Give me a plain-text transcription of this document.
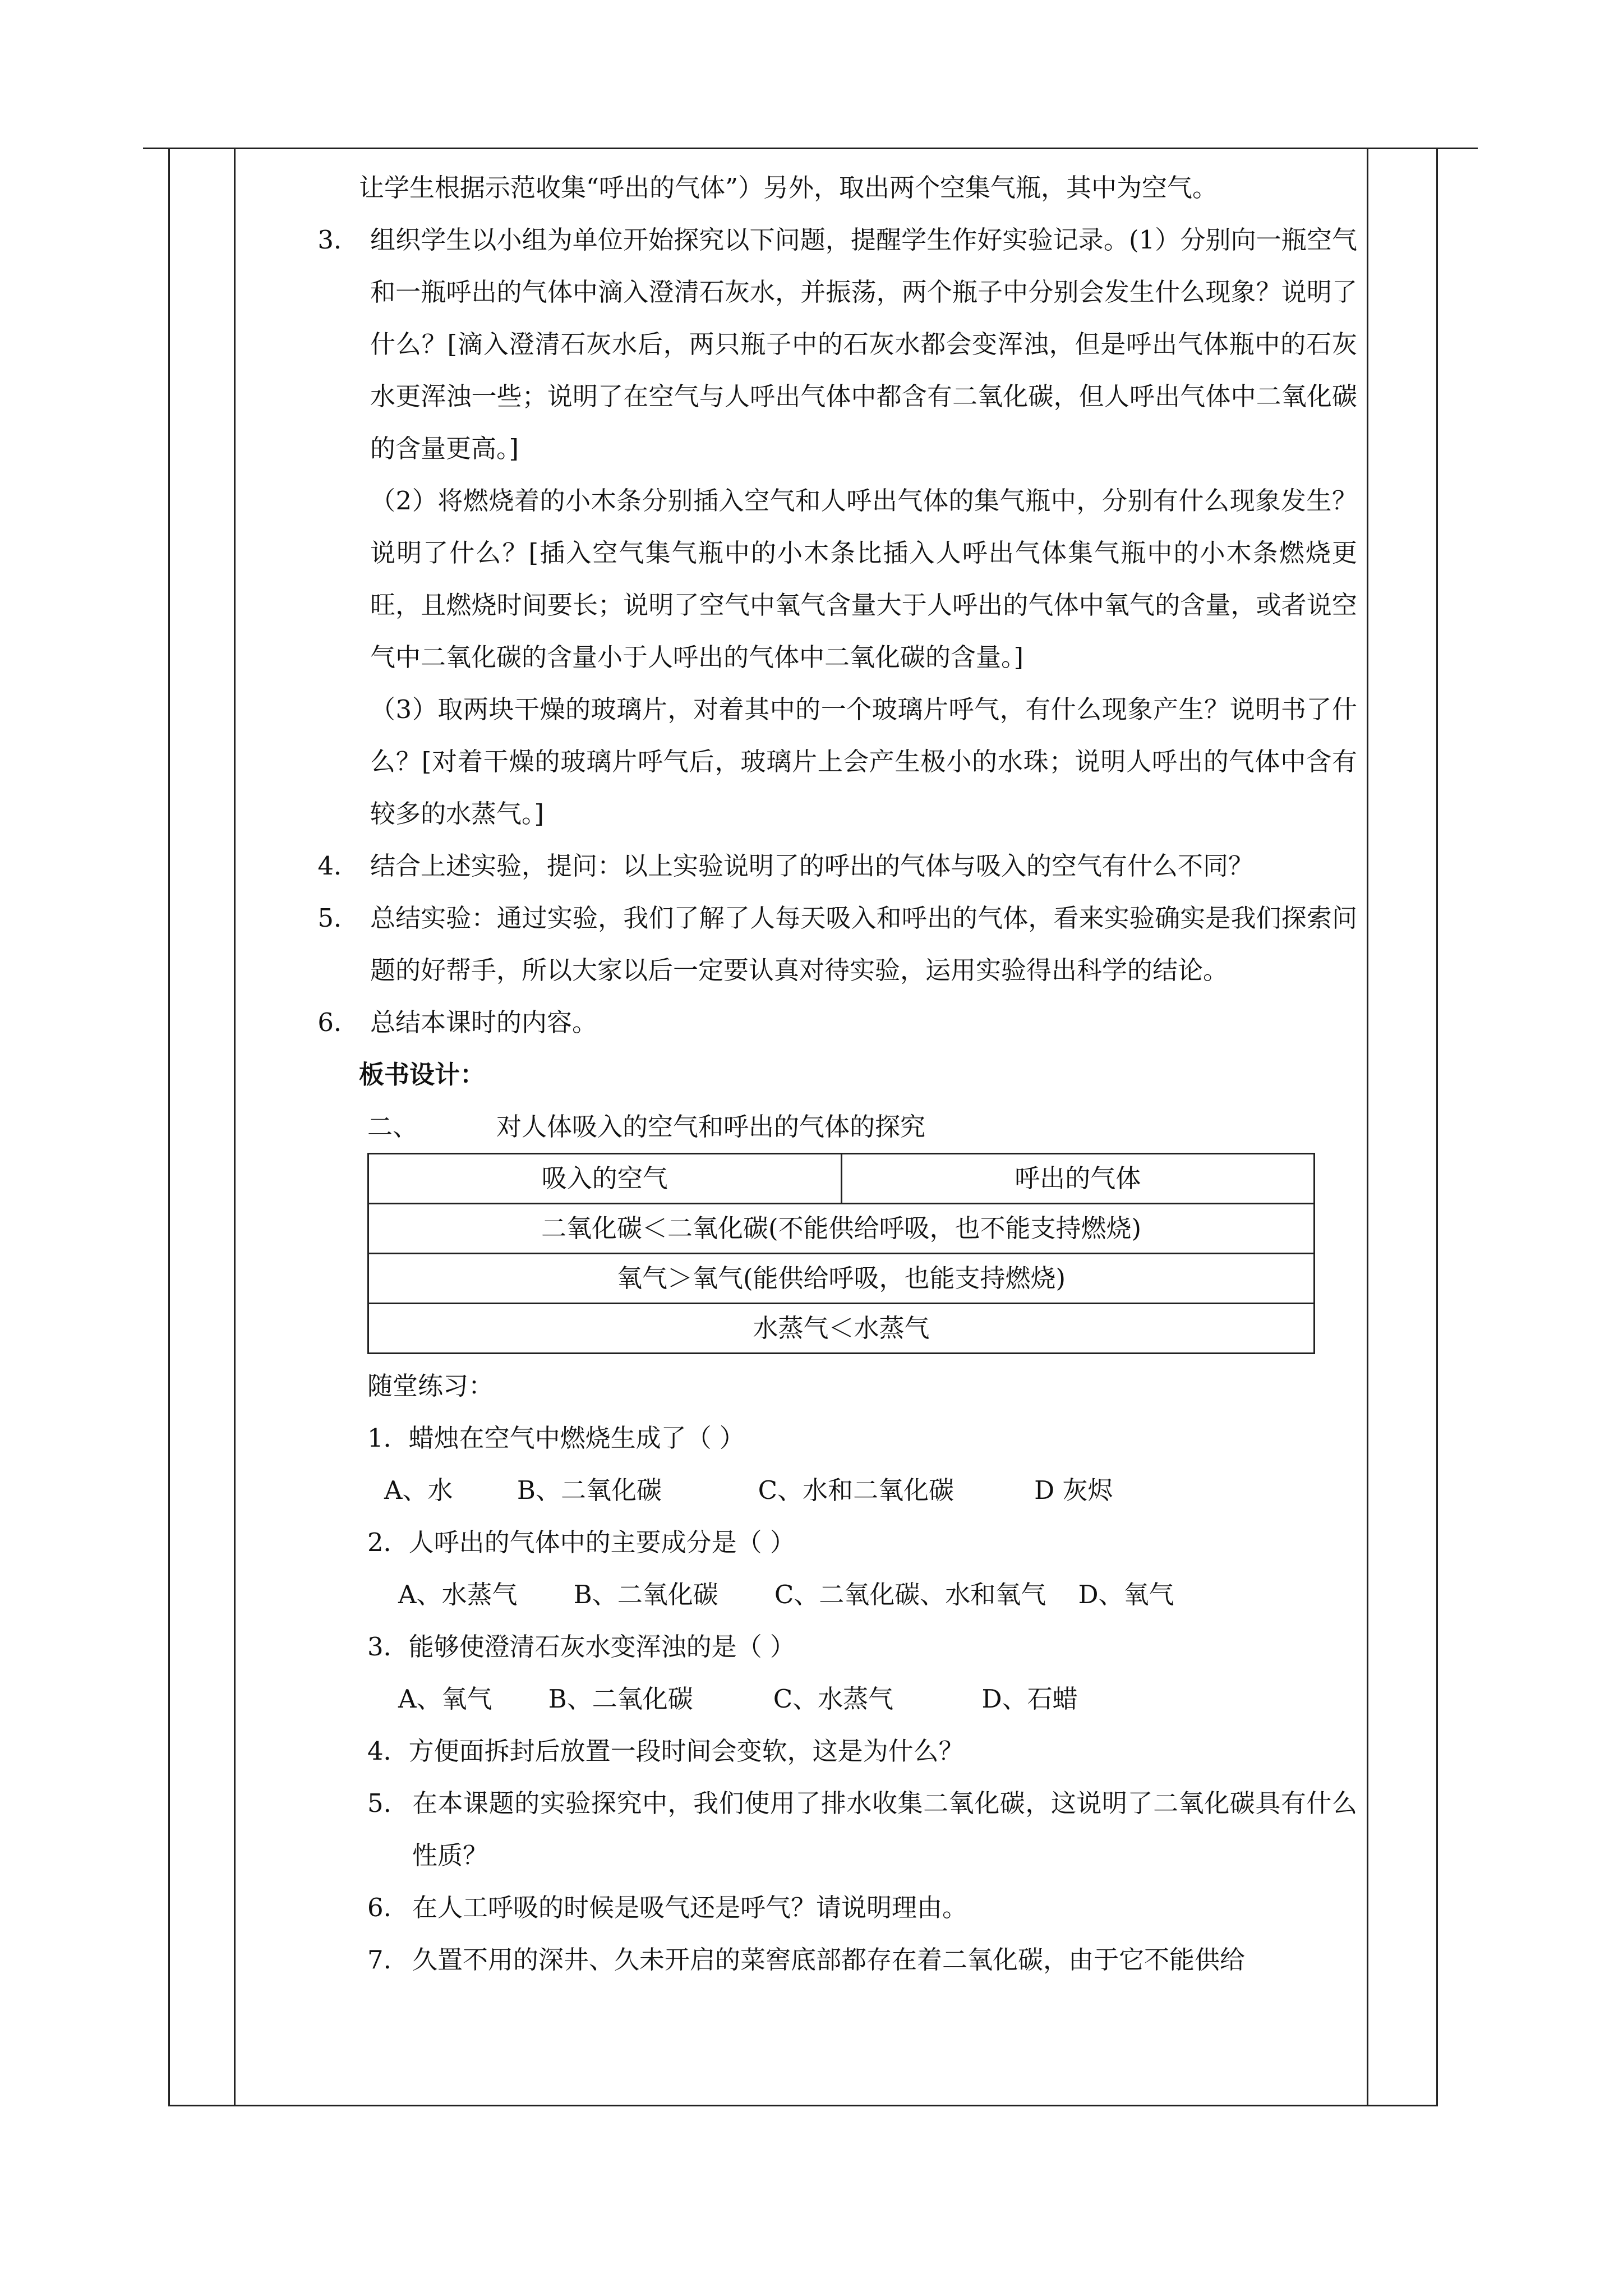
让学生根据示范收集“呼出的气体”）另外，取出两个空集气瓶，其中为空气。

3． 组织学生以小组为单位开始探究以下问题，提醒学生作好实验记录。(1）分别向一瓶空气和一瓶呼出的气体中滴入澄清石灰水，并振荡，两个瓶子中分别会发生什么现象？说明了什么？[滴入澄清石灰水后，两只瓶子中的石灰水都会变浑浊，但是呼出气体瓶中的石灰水更浑浊一些；说明了在空气与人呼出气体中都含有二氧化碳，但人呼出气体中二氧化碳的含量更高。]
（2）将燃烧着的小木条分别插入空气和人呼出气体的集气瓶中，分别有什么现象发生？说明了什么？[插入空气集气瓶中的小木条比插入人呼出气体集气瓶中的小木条燃烧更旺，且燃烧时间要长；说明了空气中氧气含量大于人呼出的气体中氧气的含量，或者说空气中二氧化碳的含量小于人呼出的气体中二氧化碳的含量。]
（3）取两块干燥的玻璃片，对着其中的一个玻璃片呼气，有什么现象产生？说明书了什么？[对着干燥的玻璃片呼气后，玻璃片上会产生极小的水珠；说明人呼出的气体中含有较多的水蒸气。]
4． 结合上述实验，提问：以上实验说明了的呼出的气体与吸入的空气有什么不同？
5． 总结实验：通过实验，我们了解了人每天吸入和呼出的气体，看来实验确实是我们探索问题的好帮手，所以大家以后一定要认真对待实验，运用实验得出科学的结论。
6． 总结本课时的内容。

板书设计：

二、	对人体吸入的空气和呼出的气体的探究

吸入的空气	呼出的气体
二氧化碳＜二氧化碳(不能供给呼吸，也不能支持燃烧)
氧气＞氧气(能供给呼吸，也能支持燃烧)
水蒸气＜水蒸气

随堂练习：

1．蜡烛在空气中燃烧生成了（ ）

A、水        B、二氧化碳            C、水和二氧化碳          D 灰烬

2．人呼出的气体中的主要成分是（ ）

A、水蒸气       B、二氧化碳       C、二氧化碳、水和氧气    D、氧气

3．能够使澄清石灰水变浑浊的是（ ）

A、氧气       B、二氧化碳          C、水蒸气           D、石蜡

4．方便面拆封后放置一段时间会变软，这是为什么？

5. 在本课题的实验探究中，我们使用了排水收集二氧化碳，这说明了二氧化碳具有什么性质？
6. 在人工呼吸的时候是吸气还是呼气？请说明理由。
7. 久置不用的深井、久未开启的菜窖底部都存在着二氧化碳，由于它不能供给
